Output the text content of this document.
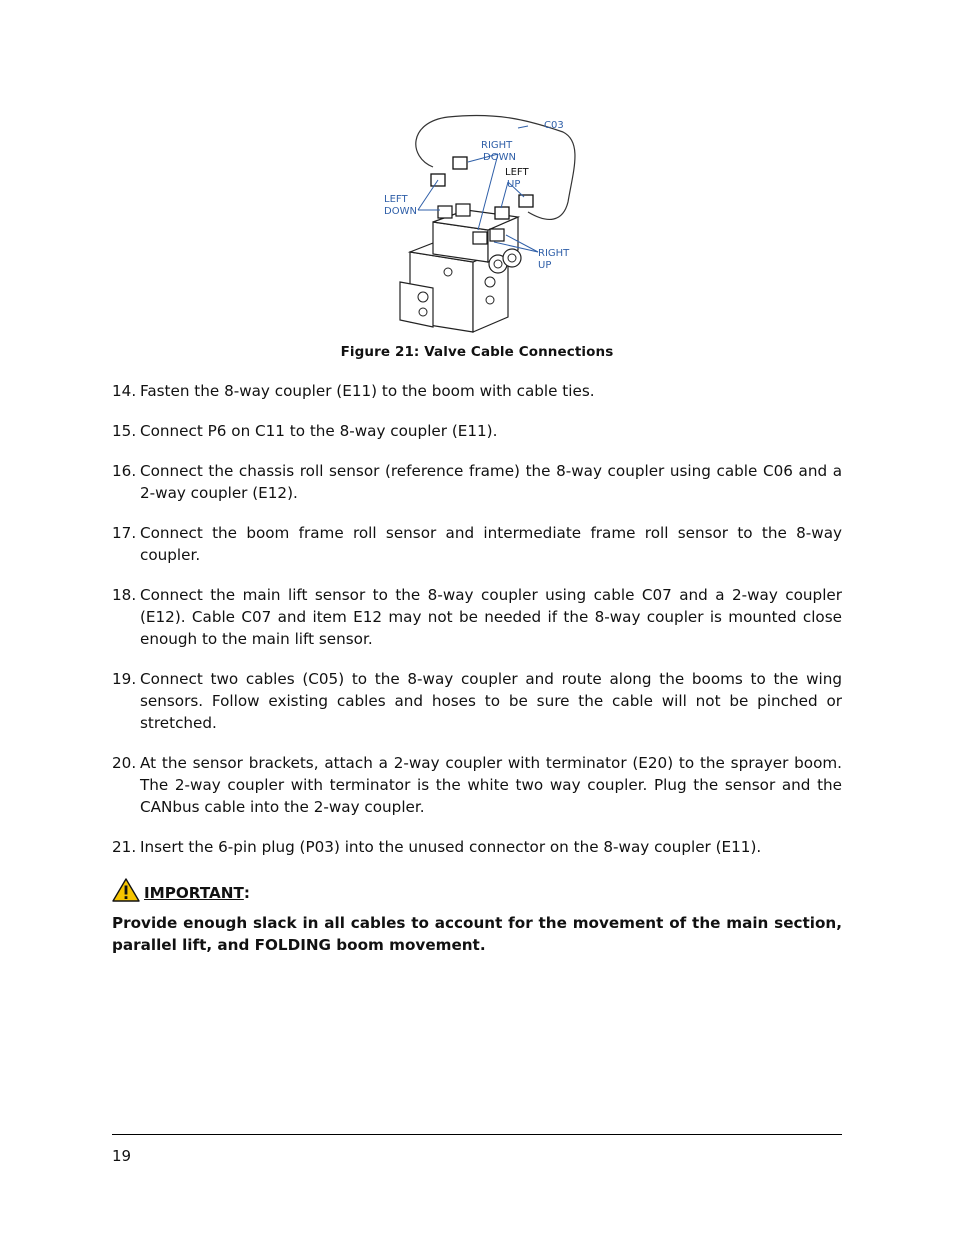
C03
RIGHT
DOWN
LEFT
DOWN
LEFT
UP
RIGHT
UP
Figure 21: Valve Cable Connections
14. Fasten the 8-way coupler (E11) to the boom with cable ties.
15. Connect P6 on C11 to the 8-way coupler (E11).
16. Connect the chassis roll sensor (reference frame) the 8-way coupler using cable C06 and a 2-way coupler (E12).
17. Connect the boom frame roll sensor and intermediate frame roll sensor to the 8-way coupler.
18. Connect the main lift sensor to the 8-way coupler using cable C07 and a 2-way coupler (E12). Cable C07 and item E12 may not be needed if the 8-way coupler is mounted close enough to the main lift sensor.
19. Connect two cables (C05) to the 8-way coupler and route along the booms to the wing sensors. Follow existing cables and hoses to be sure the cable will not be pinched or stretched.
20. At the sensor brackets, attach a 2-way coupler with terminator (E20) to the sprayer boom. The 2-way coupler with terminator is the white two way coupler. Plug the sensor and the CANbus cable into the 2-way coupler.
21. Insert the 6-pin plug (P03) into the unused connector on the 8-way coupler (E11).
IMPORTANT :
Provide enough slack in all cables to account for the movement of the main section, parallel lift, and FOLDING boom movement.
19
